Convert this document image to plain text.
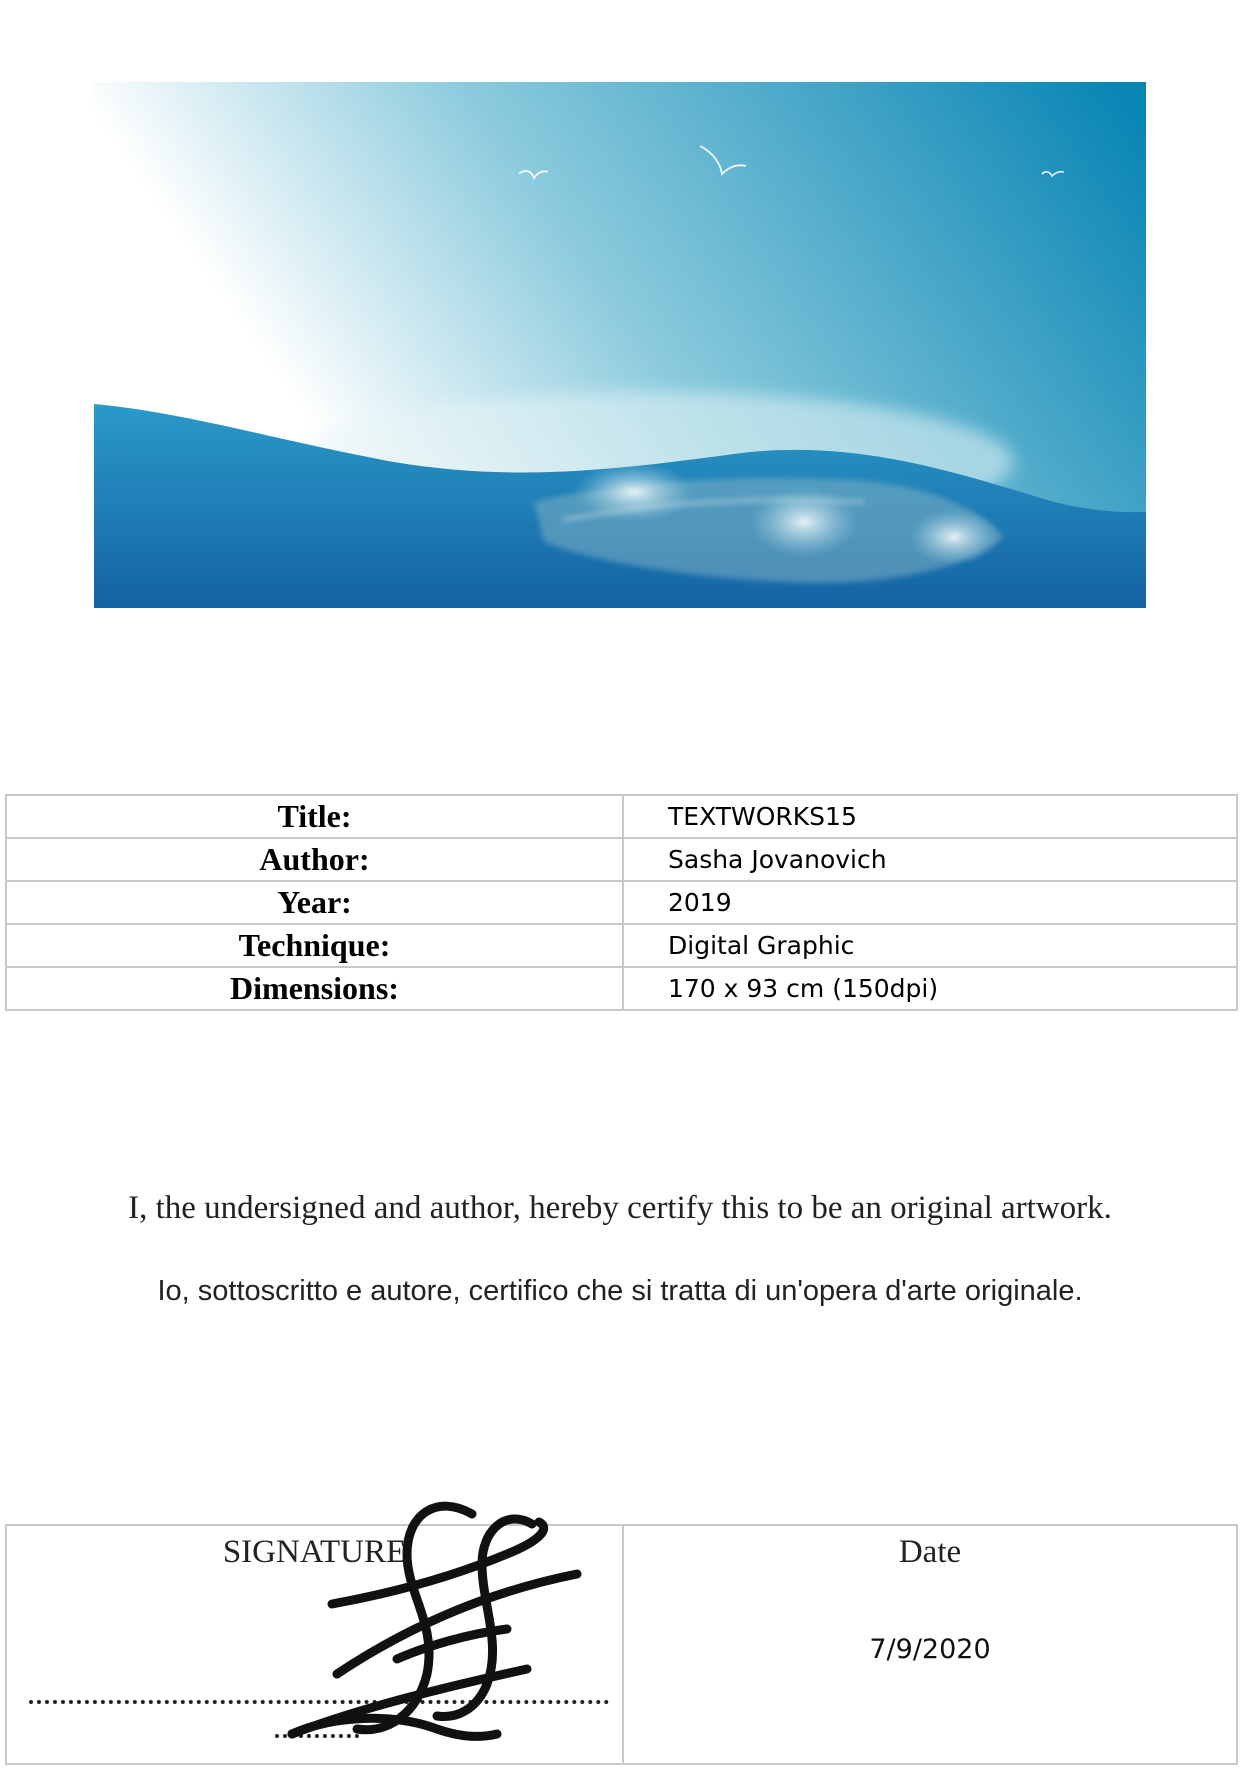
Title:	TEXTWORKS15
Author:	Sasha Jovanovich
Year:	2019
Technique:	Digital Graphic
Dimensions:	170 x 93 cm (150dpi)
I, the undersigned and author, hereby certify this to be an original artwork.
Io, sottoscritto e autore, certifico che si tratta di un'opera d'arte originale.
SIGNATURE	Date
7/9/2020
